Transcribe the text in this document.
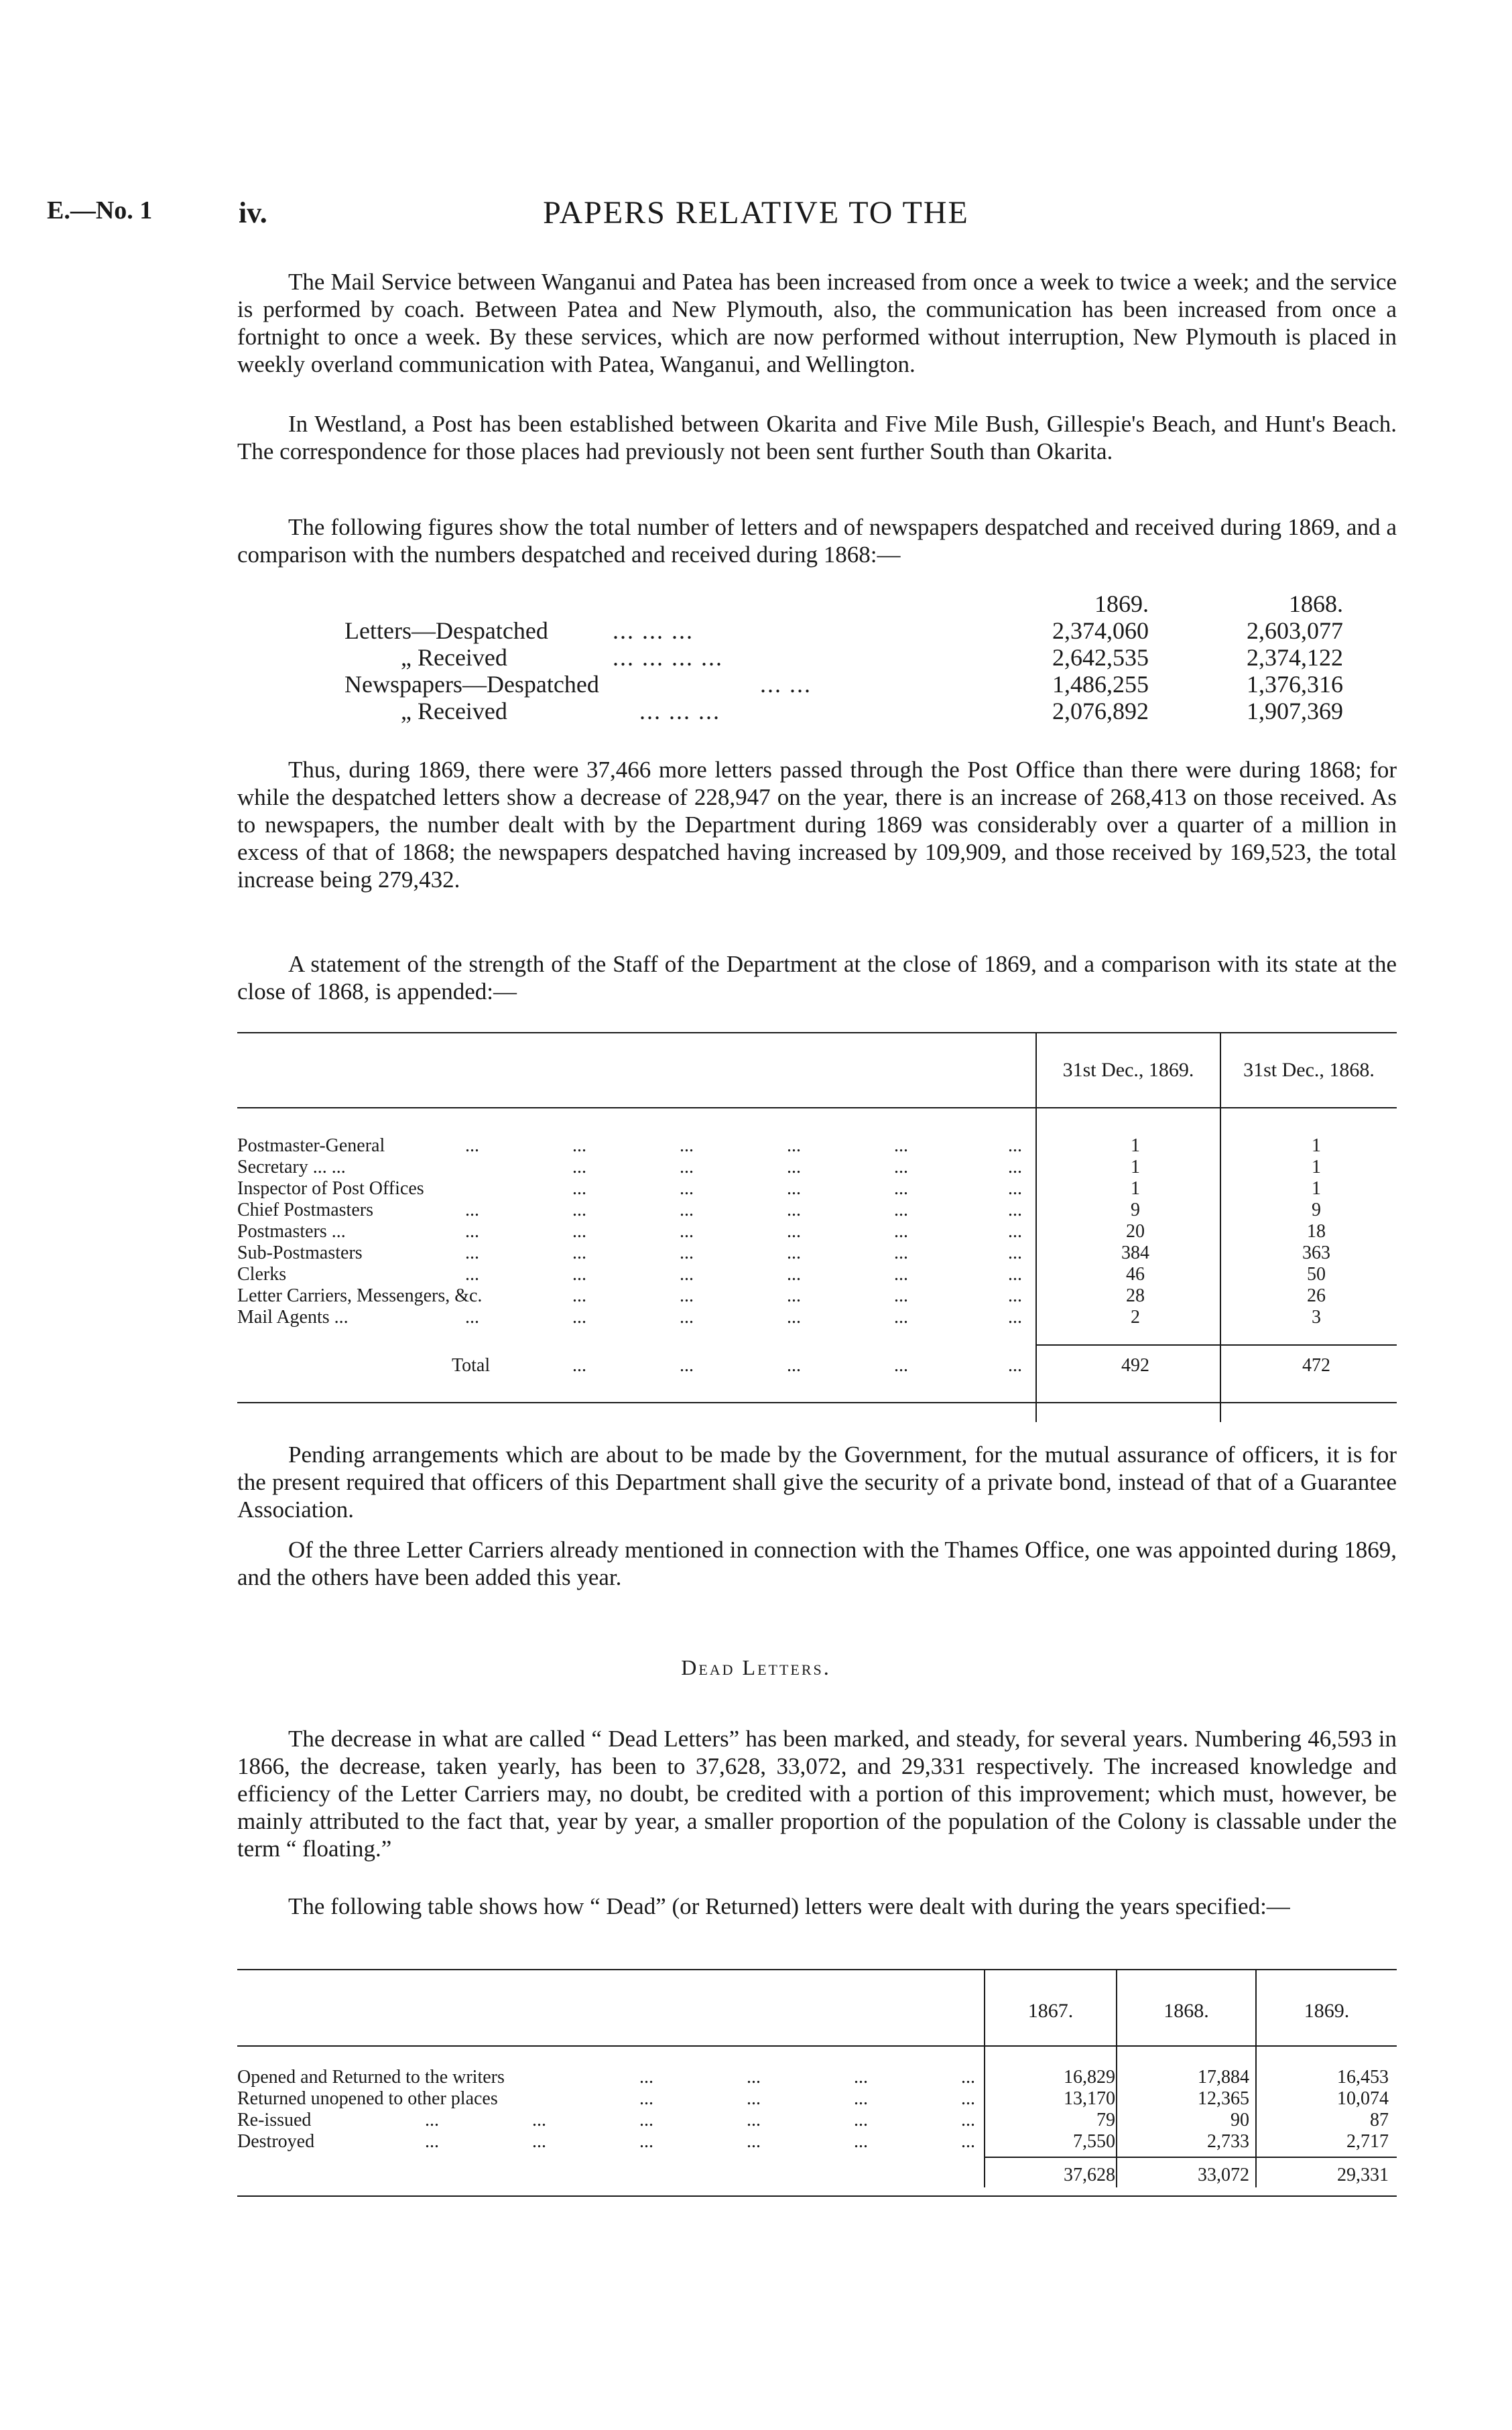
E.—No. 1	iv.	PAPERS RELATIVE TO THE

The Mail Service between Wanganui and Patea has been increased from once a week to twice a week; and the service is performed by coach. Between Patea and New Plymouth, also, the communication has been increased from once a fortnight to once a week. By these services, which are now performed without interruption, New Plymouth is placed in weekly overland communication with Patea, Wanganui, and Wellington.

In Westland, a Post has been established between Okarita and Five Mile Bush, Gillespie's Beach, and Hunt's Beach. The correspondence for those places had previously not been sent further South than Okarita.

The following figures show the total number of letters and of newspapers despatched and received during 1869, and a comparison with the numbers despatched and received during 1868:—

1869.	1868.
Letters—Despatched	... ... ...	2,374,060	2,603,077
„ Received	... ... ... ...	2,642,535	2,374,122
Newspapers—Despatched	... ...	1,486,255	1,376,316
„ Received	... ... ...	2,076,892	1,907,369

Thus, during 1869, there were 37,466 more letters passed through the Post Office than there were during 1868; for while the despatched letters show a decrease of 228,947 on the year, there is an increase of 268,413 on those received. As to newspapers, the number dealt with by the Department during 1869 was considerably over a quarter of a million in excess of that of 1868; the newspapers despatched having increased by 109,909, and those received by 169,523, the total increase being 279,432.

A statement of the strength of the Staff of the Department at the close of 1869, and a comparison with its state at the close of 1868, is appended:—

31st Dec., 1869.	31st Dec., 1868.
Postmaster-General	...	...	...	...	...	...	1	1
Secretary ... ...	...	...	...	...	...	1	1
Inspector of Post Offices	...	...	...	...	...	1	1
Chief Postmasters	...	...	...	...	...	...	9	9
Postmasters ...	...	...	...	...	...	...	20	18
Sub-Postmasters	...	...	...	...	...	...	384	363
Clerks	...	...	...	...	...	...	46	50
Letter Carriers, Messengers, &c.	...	...	...	...	...	28	26
Mail Agents ...	...	...	...	...	...	...	2	3
Total	...	...	...	...	...	492	472

Pending arrangements which are about to be made by the Government, for the mutual assurance of officers, it is for the present required that officers of this Department shall give the security of a private bond, instead of that of a Guarantee Association.

Of the three Letter Carriers already mentioned in connection with the Thames Office, one was appointed during 1869, and the others have been added this year.

Dead Letters.

The decrease in what are called “ Dead Letters” has been marked, and steady, for several years. Numbering 46,593 in 1866, the decrease, taken yearly, has been to 37,628, 33,072, and 29,331 respectively. The increased knowledge and efficiency of the Letter Carriers may, no doubt, be credited with a portion of this improvement; which must, however, be mainly attributed to the fact that, year by year, a smaller proportion of the population of the Colony is classable under the term “ floating.”

The following table shows how “ Dead” (or Returned) letters were dealt with during the years specified:—

1867.	1868.	1869.
Opened and Returned to the writers	...	...	...	...	16,829	17,884	16,453
Returned unopened to other places	...	...	...	...	13,170	12,365	10,074
Re-issued	...	...	...	...	...	...	79	90	87
Destroyed	...	...	...	...	...	...	7,550	2,733	2,717
37,628	33,072	29,331
